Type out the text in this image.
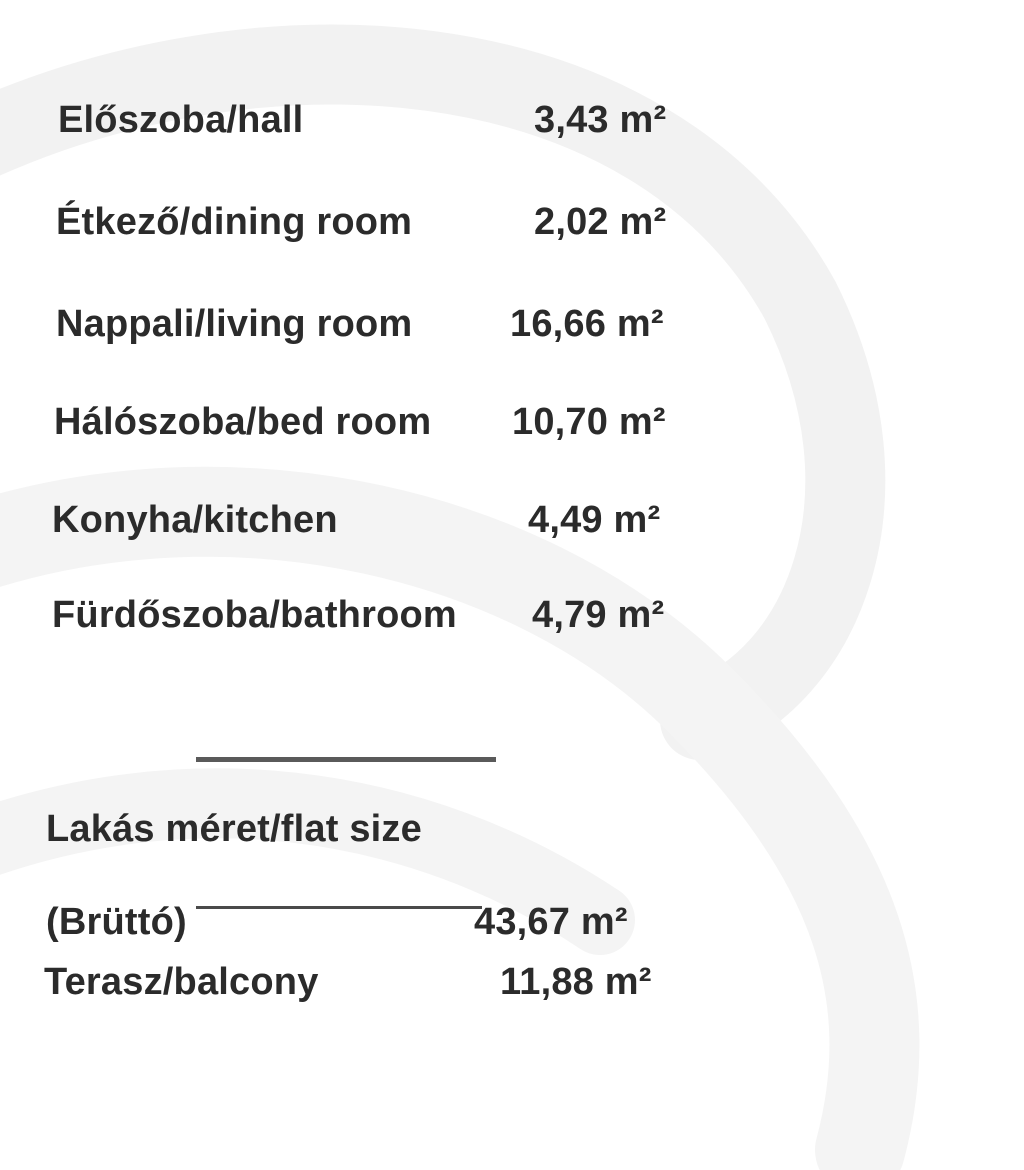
Előszoba/hall	3,43 m²
Étkező/dining room	2,02 m²
Nappali/living room	16,66 m²
Hálószoba/bed room 10,70 m²
Konyha/kitchen	4,49 m²
Fürdőszoba/bathroom 4,79 m²
Lakás méret/flat size
(Brüttó)	43,67 m²
Terasz/balcony	11,88 m²
